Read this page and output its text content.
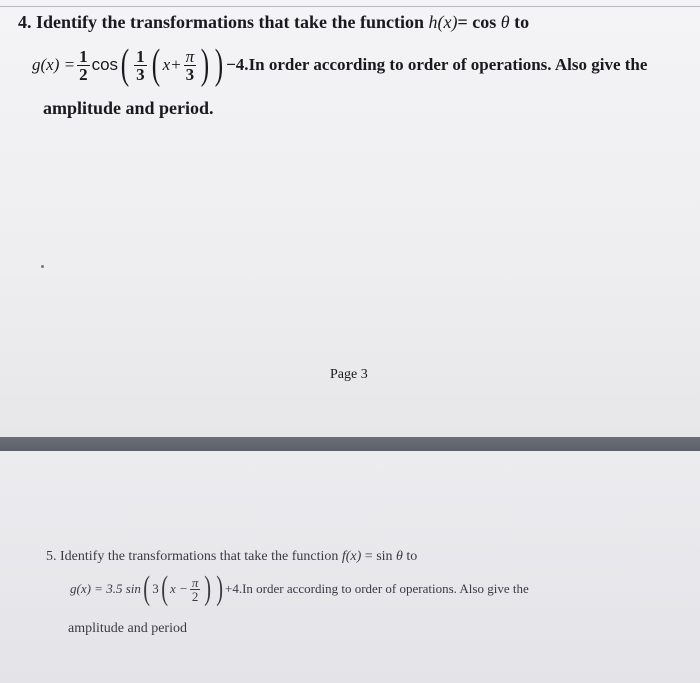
4. Identify the transformations that take the function h(x)= cos θ to
$g(x) = \frac{1}{2}$ cos ( $\frac{1}{3}$ ( $x+ \frac{\pi}{3}$ ) ) −4. In order according to order of operations. Also give the
amplitude and period.
Page 3
5. Identify the transformations that take the function f(x) = sin θ to
g(x) = 3.5 sin ( 3 ( $x - \frac{\pi}{2}$ ) ) +4. In order according to order of operations. Also give the
amplitude and period
